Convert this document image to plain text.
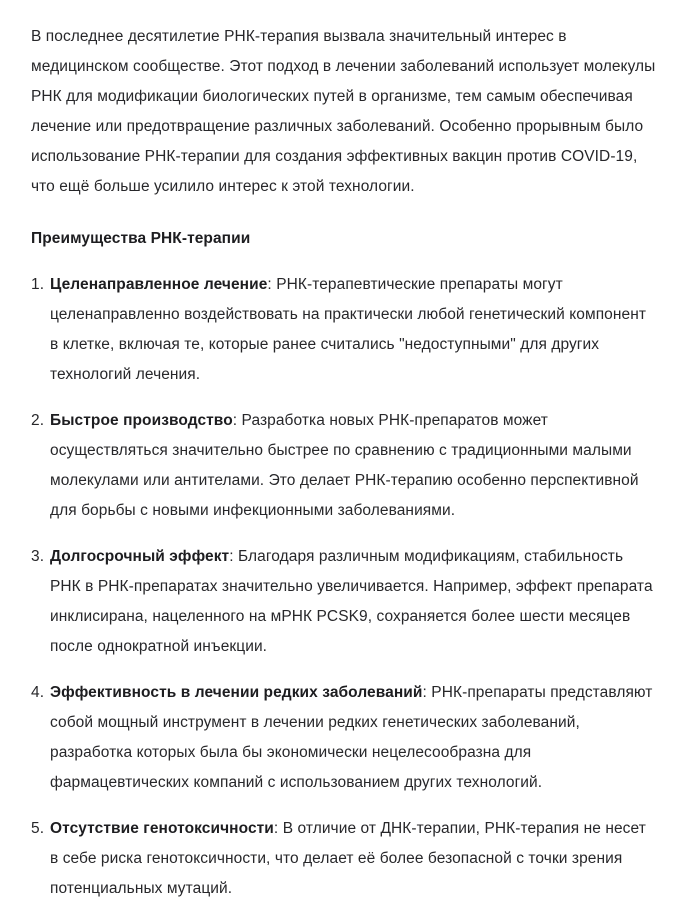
В последнее десятилетие РНК-терапия вызвала значительный интерес в медицинском сообществе. Этот подход в лечении заболеваний использует молекулы РНК для модификации биологических путей в организме, тем самым обеспечивая лечение или предотвращение различных заболеваний. Особенно прорывным было использование РНК-терапии для создания эффективных вакцин против COVID-19, что ещё больше усилило интерес к этой технологии.

Преимущества РНК-терапии
1. Целенаправленное лечение: РНК-терапевтические препараты могут целенаправленно воздействовать на практически любой генетический компонент в клетке, включая те, которые ранее считались "недоступными" для других технологий лечения.
2. Быстрое производство: Разработка новых РНК-препаратов может осуществляться значительно быстрее по сравнению с традиционными малыми молекулами или антителами. Это делает РНК-терапию особенно перспективной для борьбы с новыми инфекционными заболеваниями.
3. Долгосрочный эффект: Благодаря различным модификациям, стабильность РНК в РНК-препаратах значительно увеличивается. Например, эффект препарата инклисирана, нацеленного на мРНК PCSK9, сохраняется более шести месяцев после однократной инъекции.
4. Эффективность в лечении редких заболеваний: РНК-препараты представляют собой мощный инструмент в лечении редких генетических заболеваний, разработка которых была бы экономически нецелесообразна для фармацевтических компаний с использованием других технологий.
5. Отсутствие генотоксичности: В отличие от ДНК-терапии, РНК-терапия не несет в себе риска генотоксичности, что делает её более безопасной с точки зрения потенциальных мутаций.
